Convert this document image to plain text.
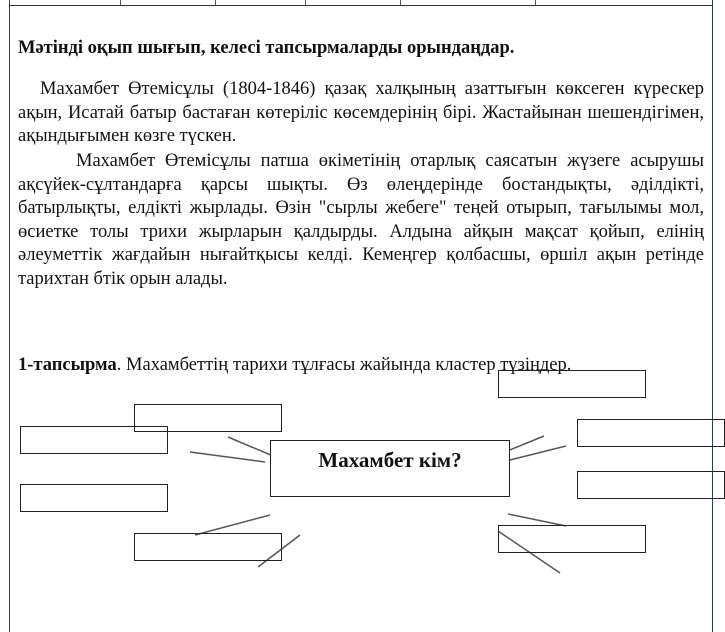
Мәтінді оқып шығып, келесі тапсырмаларды орындаңдар.
Махамбет Өтемісұлы (1804-1846) қазақ халқының азаттығын көксеген күрескер ақын, Исатай батыр бастаған көтеріліс көсемдерінің бірі. Жастайынан шешендігімен, ақындығымен көзге түскен.
Махамбет Өтемісұлы патша өкіметінің отарлық саясатын жүзеге асырушы ақсүйек-сұлтандарға қарсы шықты. Өз өлеңдерінде бостандықты, әділдікті, батырлықты, елдікті жырлады. Өзін "сырлы жебеге" теңей отырып, тағылымы мол, өсиетке толы трихи жырларын қалдырды. Алдына айқын мақсат қойып, елінің әлеуметтік жағдайын нығайтқысы келді. Кемеңгер қолбасшы, өршіл ақын ретінде тарихтан бтік орын алады.
1-тапсырма. Махамбеттің тарихи тұлғасы жайында кластер түзіңдер.
Махамбет кім?
